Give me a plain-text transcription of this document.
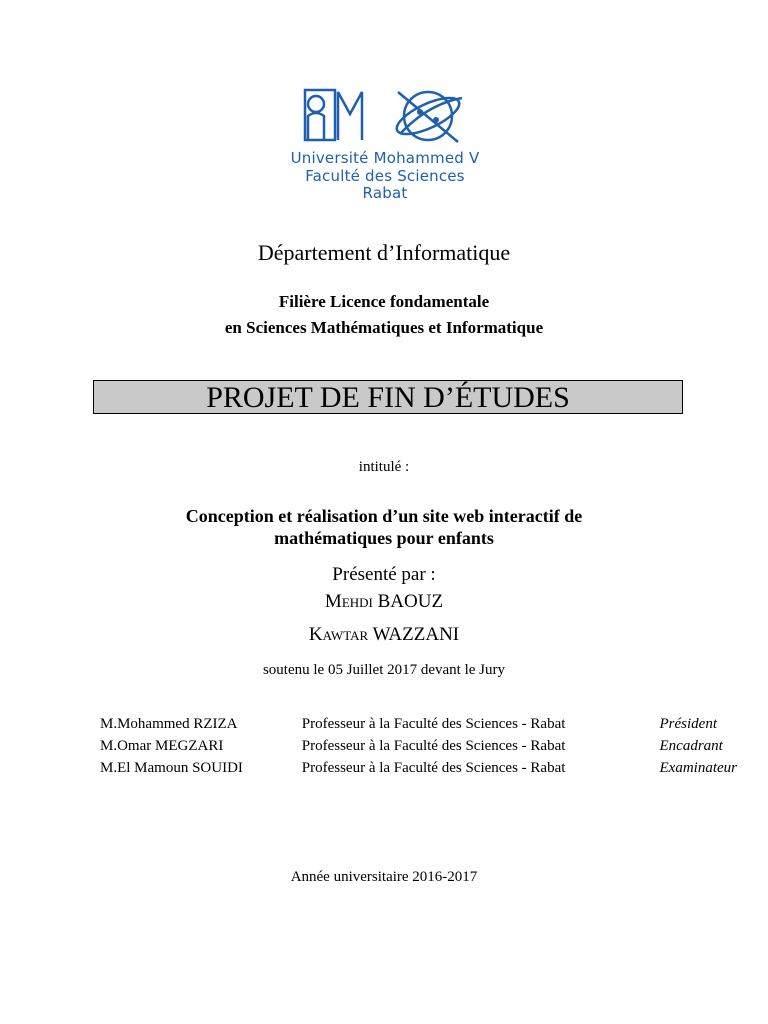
Université Mohammed V
Faculté des Sciences
Rabat
Département d’Informatique
Filière Licence fondamentale
en Sciences Mathématiques et Informatique
PROJET DE FIN D’ÉTUDES
intitulé :
Conception et réalisation d’un site web interactif de
mathématiques pour enfants
Présenté par :
Mehdi BAOUZ
Kawtar WAZZANI
soutenu le 05 Juillet 2017 devant le Jury
M.Mohammed RZIZA	Professeur à la Faculté des Sciences - Rabat	Président
M.Omar MEGZARI	Professeur à la Faculté des Sciences - Rabat	Encadrant
M.El Mamoun SOUIDI	Professeur à la Faculté des Sciences - Rabat	Examinateur
Année universitaire 2016-2017
